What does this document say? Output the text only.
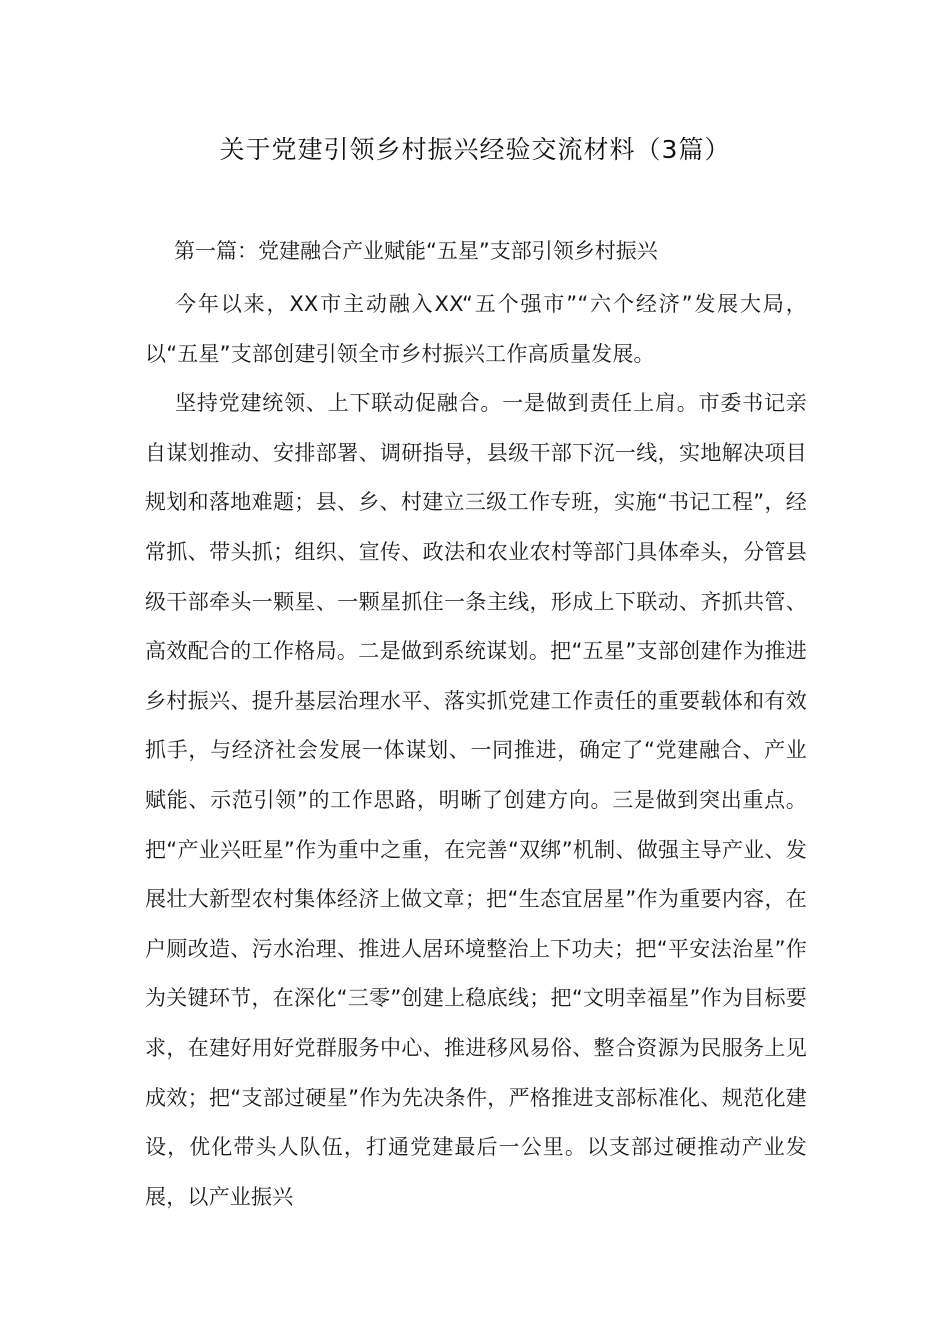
关于党建引领乡村振兴经验交流材料（3篇）
第一篇：党建融合产业赋能“五星”支部引领乡村振兴

今年以来，XX市主动融入XX“五个强市”“六个经济”发展大局，以“五星”支部创建引领全市乡村振兴工作高质量发展。

坚持党建统领、上下联动促融合。一是做到责任上肩。市委书记亲自谋划推动、安排部署、调研指导，县级干部下沉一线，实地解决项目规划和落地难题；县、乡、村建立三级工作专班，实施“书记工程”，经常抓、带头抓；组织、宣传、政法和农业农村等部门具体牵头，分管县级干部牵头一颗星、一颗星抓住一条主线，形成上下联动、齐抓共管、高效配合的工作格局。二是做到系统谋划。把“五星”支部创建作为推进乡村振兴、提升基层治理水平、落实抓党建工作责任的重要载体和有效抓手，与经济社会发展一体谋划、一同推进，确定了“党建融合、产业赋能、示范引领”的工作思路，明晰了创建方向。三是做到突出重点。把“产业兴旺星”作为重中之重，在完善“双绑”机制、做强主导产业、发展壮大新型农村集体经济上做文章；把“生态宜居星”作为重要内容，在户厕改造、污水治理、推进人居环境整治上下功夫；把“平安法治星”作为关键环节，在深化“三零”创建上稳底线；把“文明幸福星”作为目标要求，在建好用好党群服务中心、推进移风易俗、整合资源为民服务上见成效；把“支部过硬星”作为先决条件，严格推进支部标准化、规范化建设，优化带头人队伍，打通党建最后一公里。以支部过硬推动产业发展，以产业振兴
